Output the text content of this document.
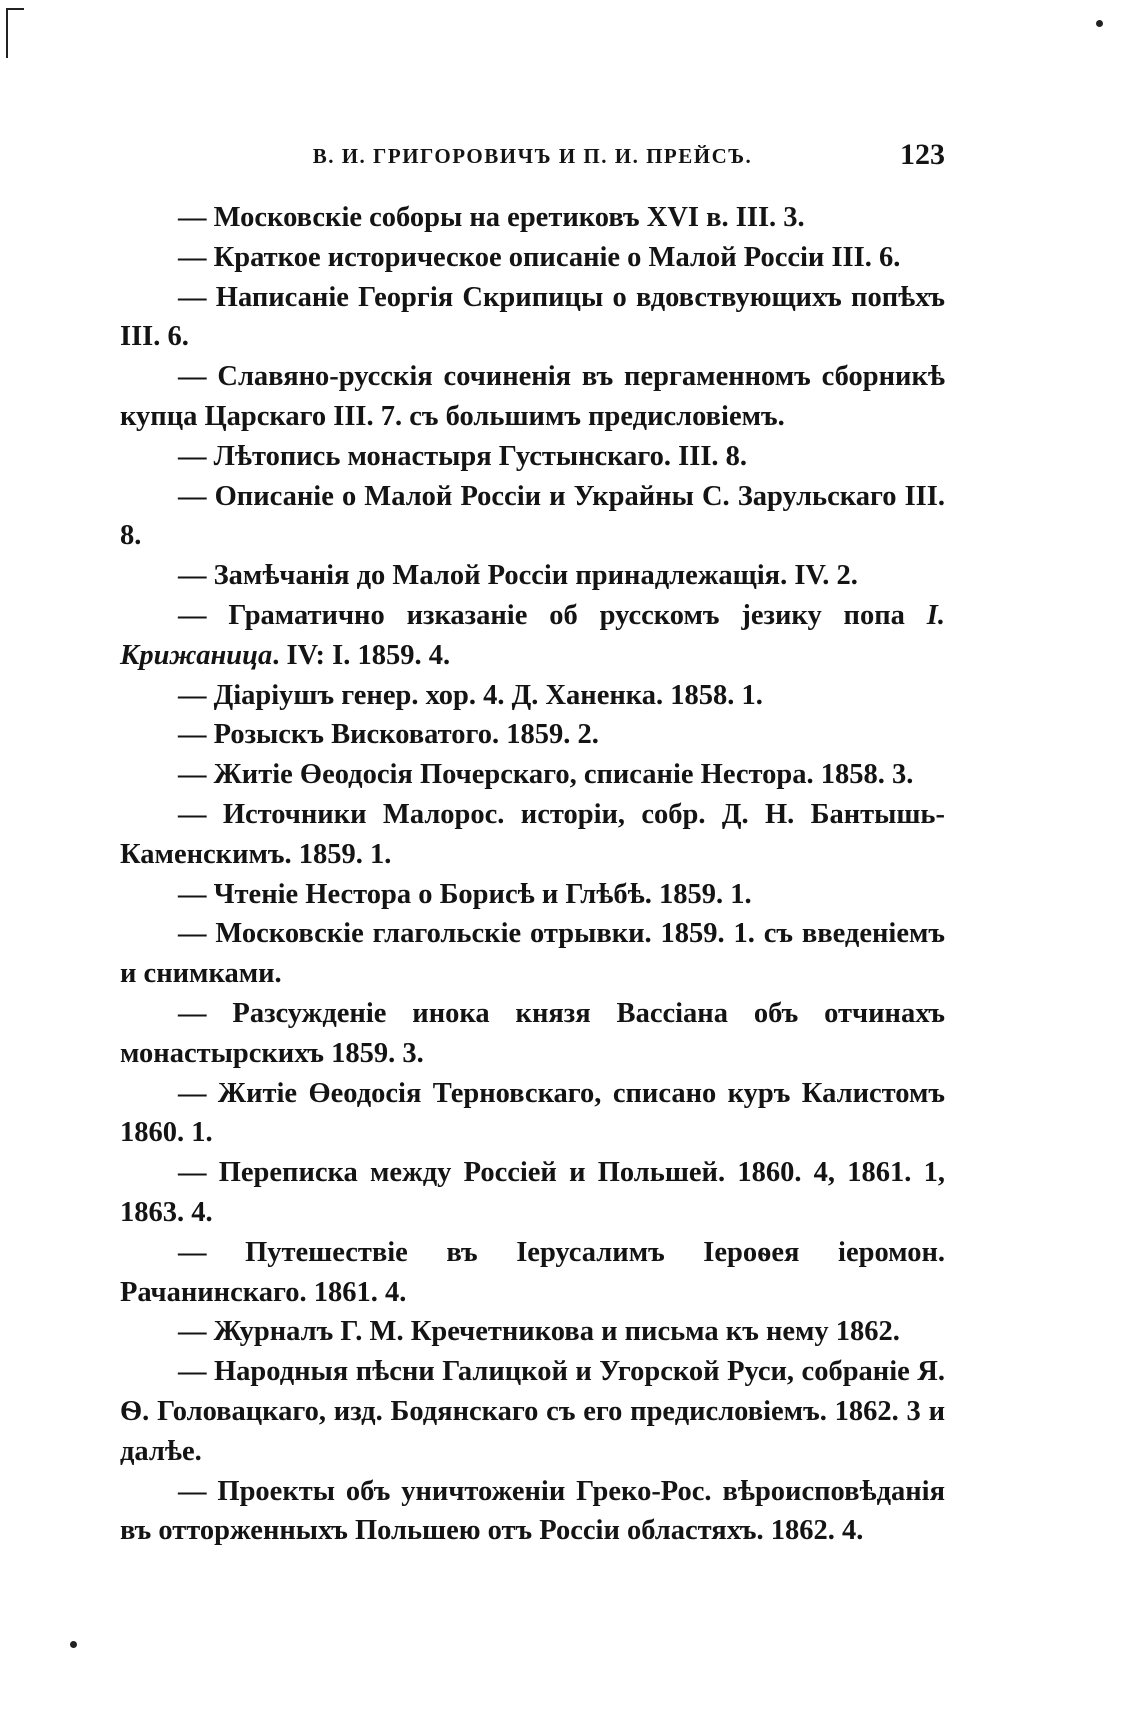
В. И. ГРИГОРОВИЧЪ И П. И. ПРЕЙСЪ.	123

— Московскіе соборы на еретиковъ XVI в. III. 3.

— Краткое историческое описаніе о Малой Россіи III. 6.

— Написаніе Георгія Скрипицы о вдовствующихъ попѣхъ III. 6.

— Славяно-русскія сочиненія въ пергаменномъ сборникѣ купца Царскаго III. 7. съ большимъ предисловіемъ.

— Лѣтопись монастыря Густынскаго. III. 8.

— Описаніе о Малой Россіи и Украйны С. Зарульскаго III. 8.

— Замѣчанія до Малой Россіи принадлежащія. IV. 2.

— Граматично изказаніе об русскомъ језику попа І. Крижаница. IV: І. 1859. 4.

— Діаріушъ генер. хор. 4. Д. Ханенка. 1858. 1.

— Розыскъ Висковатого. 1859. 2.

— Житіе Өеодосія Почерскаго, списаніе Нестора. 1858. 3.

— Источники Малорос. исторіи, собр. Д. Н. Бантышь-Каменскимъ. 1859. 1.

— Чтеніе Нестора о Борисѣ и Глѣбѣ. 1859. 1.

— Московскіе глагольскіе отрывки. 1859. 1. съ введеніемъ и снимками.

— Разсужденіе инока князя Вассіана объ отчинахъ монастырскихъ 1859. 3.

— Житіе Өеодосія Терновскаго, списано куръ Калистомъ 1860. 1.

— Переписка между Россіей и Польшей. 1860. 4, 1861. 1, 1863. 4.

— Путешествіе въ Іерусалимъ Іероѳея іеромон. Рачанинскаго. 1861. 4.

— Журналъ Г. М. Кречетникова и письма къ нему 1862.

— Народныя пѣсни Галицкой и Угорской Руси, собраніе Я. Ѳ. Головацкаго, изд. Бодянскаго съ его предисловіемъ. 1862. 3 и далѣе.

— Проекты объ уничтоженіи Греко-Рос. вѣроисповѣданія въ отторженныхъ Польшею отъ Россіи областяхъ. 1862. 4.
